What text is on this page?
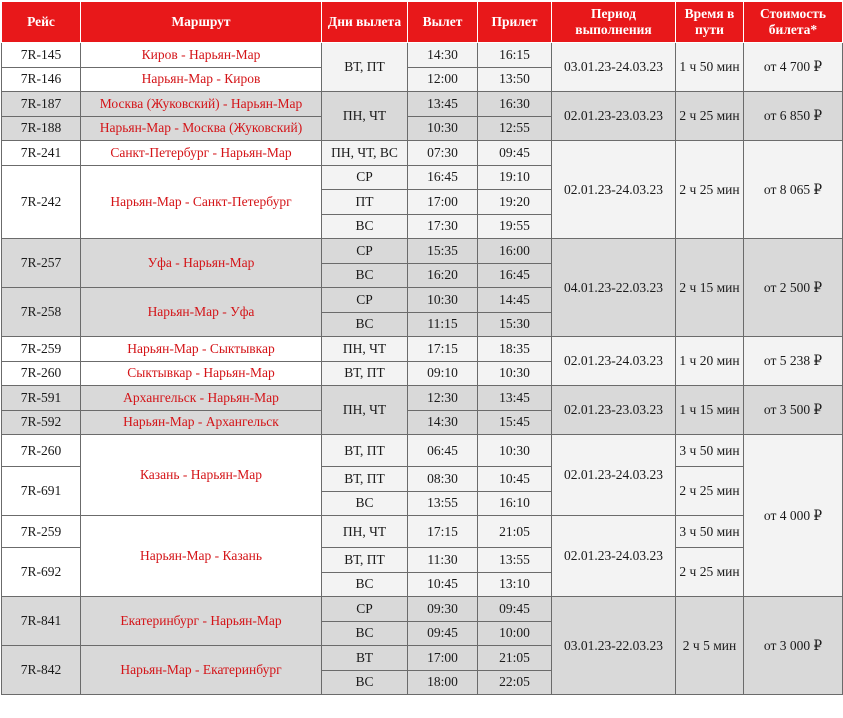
Рейс	Маршрут	Дни вылета	Вылет	Прилет	Период выполнения	Время в пути	Стоимость билета*
7R-145	Киров - Нарьян-Мар	ВТ, ПТ	14:30	16:15	03.01.23-24.03.23	1 ч 50 мин	от 4 700 ₽
7R-146	Нарьян-Мар - Киров		12:00	13:50			
7R-187	Москва (Жуковский) - Нарьян-Мар	ПН, ЧТ	13:45	16:30	02.01.23-23.03.23	2 ч 25 мин	от 6 850 ₽
7R-188	Нарьян-Мар - Москва (Жуковский)		10:30	12:55			
7R-241	Санкт-Петербург - Нарьян-Мар	ПН, ЧТ, ВС	07:30	09:45	02.01.23-24.03.23	2 ч 25 мин	от 8 065 ₽
7R-242	Нарьян-Мар - Санкт-Петербург	СР	16:45	19:10			
		ПТ	17:00	19:20			
		ВС	17:30	19:55			
7R-257	Уфа - Нарьян-Мар	СР	15:35	16:00	04.01.23-22.03.23	2 ч 15 мин	от 2 500 ₽
		ВС	16:20	16:45			
7R-258	Нарьян-Мар - Уфа	СР	10:30	14:45			
		ВС	11:15	15:30			
7R-259	Нарьян-Мар - Сыктывкар	ПН, ЧТ	17:15	18:35	02.01.23-24.03.23	1 ч 20 мин	от 5 238 ₽
7R-260	Сыктывкар - Нарьян-Мар	ВТ, ПТ	09:10	10:30			
7R-591	Архангельск - Нарьян-Мар	ПН, ЧТ	12:30	13:45	02.01.23-23.03.23	1 ч 15 мин	от 3 500 ₽
7R-592	Нарьян-Мар - Архангельск		14:30	15:45			
7R-260	Казань - Нарьян-Мар	ВТ, ПТ	06:45	10:30	02.01.23-24.03.23	3 ч 50 мин	от 4 000 ₽
7R-691		ВТ, ПТ	08:30	10:45		2 ч 25 мин	
		ВС	13:55	16:10			
7R-259	Нарьян-Мар - Казань	ПН, ЧТ	17:15	21:05	02.01.23-24.03.23	3 ч 50 мин	
7R-692		ВТ, ПТ	11:30	13:55		2 ч 25 мин	
		ВС	10:45	13:10			
7R-841	Екатеринбург - Нарьян-Мар	СР	09:30	09:45	03.01.23-22.03.23	2 ч 5 мин	от 3 000 ₽
		ВС	09:45	10:00			
7R-842	Нарьян-Мар - Екатеринбург	ВТ	17:00	21:05			
		ВС	18:00	22:05			
